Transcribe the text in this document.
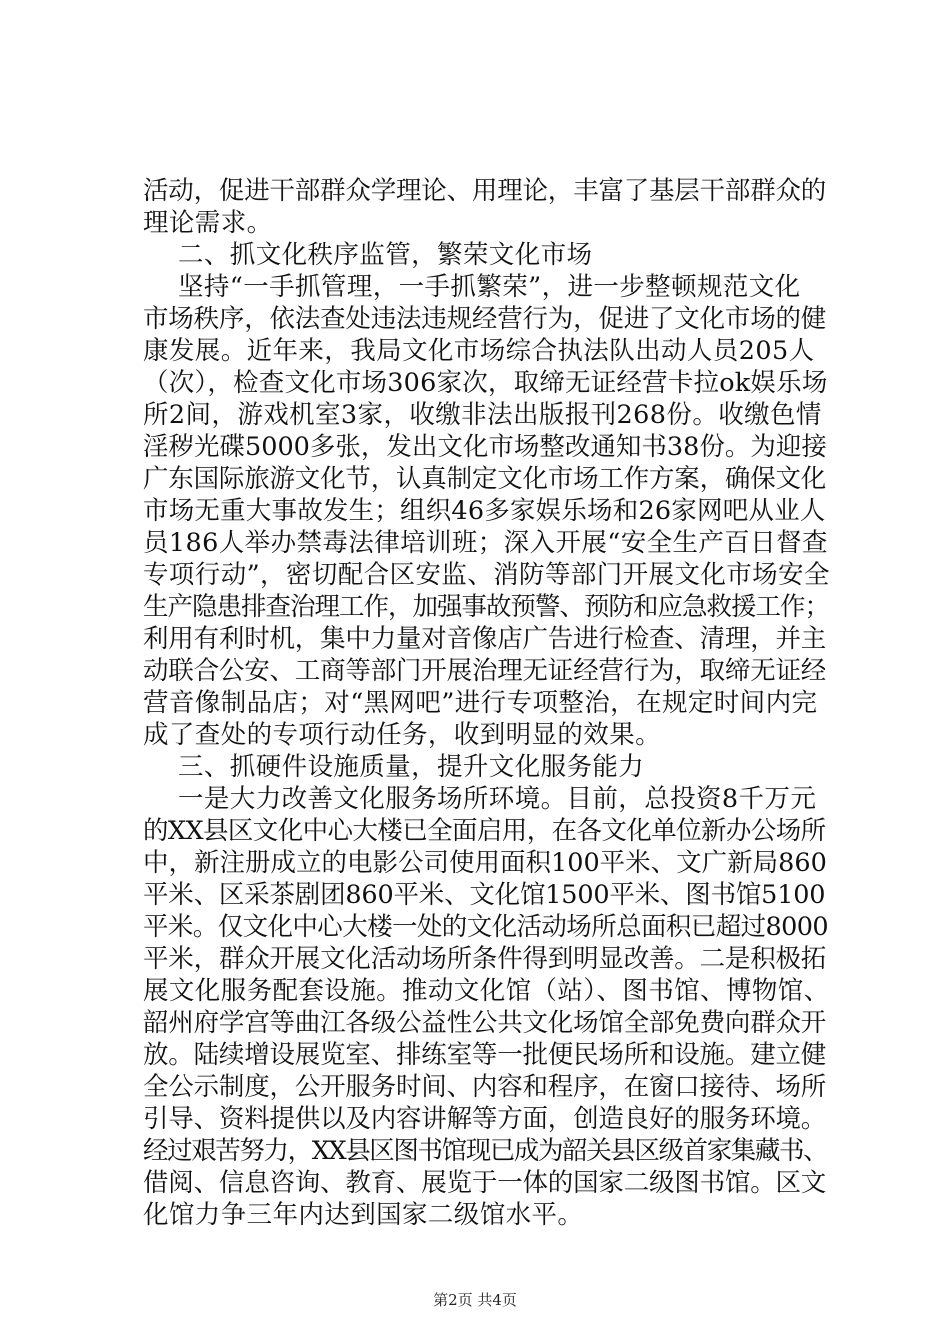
活动，促进干部群众学理论、用理论，丰富了基层干部群众的
理论需求。
二、抓文化秩序监管，繁荣文化市场
坚持“一手抓管理，一手抓繁荣”，进一步整顿规范文化
市场秩序，依法查处违法违规经营行为，促进了文化市场的健
康发展。近年来，我局文化市场综合执法队出动人员205人
（次），检查文化市场306家次，取缔无证经营卡拉ok娱乐场
所2间，游戏机室3家，收缴非法出版报刊268份。收缴色情
淫秽光碟5000多张，发出文化市场整改通知书38份。为迎接
广东国际旅游文化节，认真制定文化市场工作方案，确保文化
市场无重大事故发生；组织46多家娱乐场和26家网吧从业人
员186人举办禁毒法律培训班；深入开展“安全生产百日督查
专项行动”，密切配合区安监、消防等部门开展文化市场安全
生产隐患排查治理工作，加强事故预警、预防和应急救援工作；
利用有利时机，集中力量对音像店广告进行检查、清理，并主
动联合公安、工商等部门开展治理无证经营行为，取缔无证经
营音像制品店；对“黑网吧”进行专项整治，在规定时间内完
成了查处的专项行动任务，收到明显的效果。
三、抓硬件设施质量，提升文化服务能力
一是大力改善文化服务场所环境。目前，总投资8千万元
的XX县区文化中心大楼已全面启用，在各文化单位新办公场所
中，新注册成立的电影公司使用面积100平米、文广新局860
平米、区采茶剧团860平米、文化馆1500平米、图书馆5100
平米。仅文化中心大楼一处的文化活动场所总面积已超过8000
平米，群众开展文化活动场所条件得到明显改善。二是积极拓
展文化服务配套设施。推动文化馆（站）、图书馆、博物馆、
韶州府学宫等曲江各级公益性公共文化场馆全部免费向群众开
放。陆续增设展览室、排练室等一批便民场所和设施。建立健
全公示制度，公开服务时间、内容和程序，在窗口接待、场所
引导、资料提供以及内容讲解等方面，创造良好的服务环境。
经过艰苦努力，XX县区图书馆现已成为韶关县区级首家集藏书、
借阅、信息咨询、教育、展览于一体的国家二级图书馆。区文
化馆力争三年内达到国家二级馆水平。
第2页 共4页
